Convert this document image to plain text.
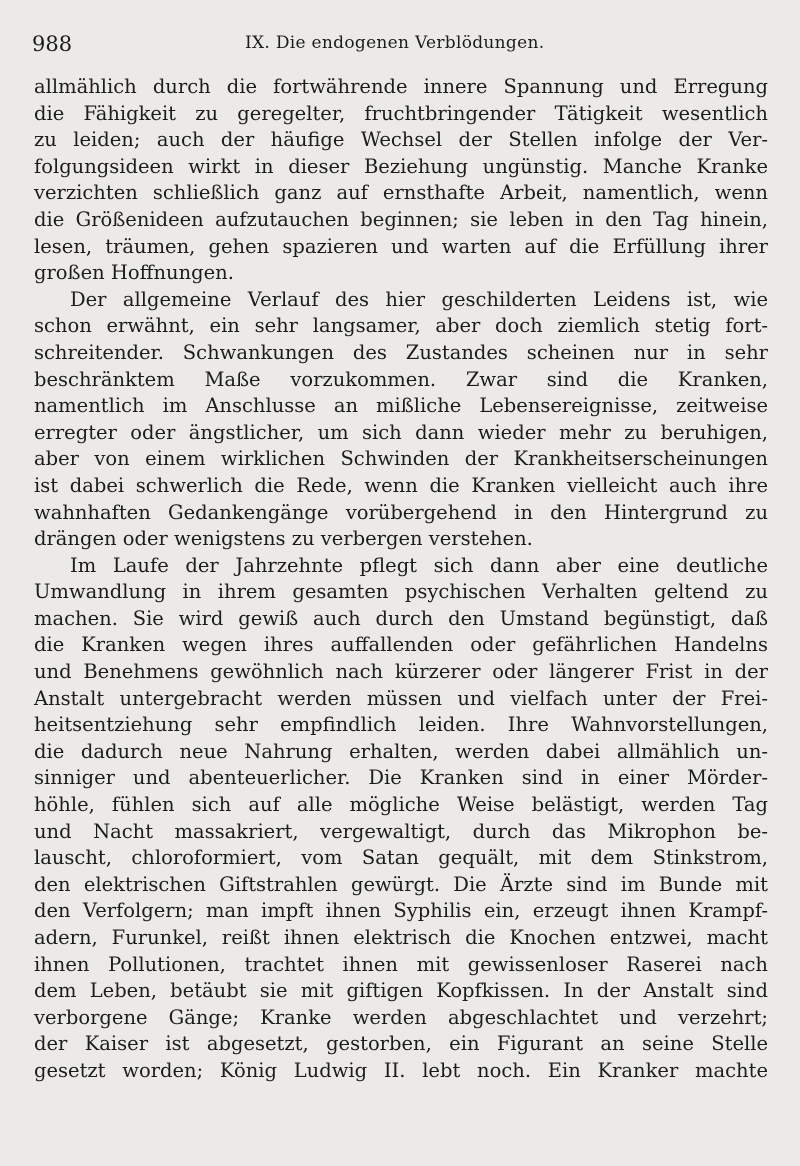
988	IX. Die endogenen Verblödungen.
allmählich durch die fortwährende innere Spannung und Erregung
die Fähigkeit zu geregelter, fruchtbringender Tätigkeit wesentlich
zu leiden; auch der häufige Wechsel der Stellen infolge der Ver-
folgungsideen wirkt in dieser Beziehung ungünstig. Manche Kranke
verzichten schließlich ganz auf ernsthafte Arbeit, namentlich, wenn
die Größenideen aufzutauchen beginnen; sie leben in den Tag hinein,
lesen, träumen, gehen spazieren und warten auf die Erfüllung ihrer
großen Hoffnungen.
Der allgemeine Verlauf des hier geschilderten Leidens ist, wie
schon erwähnt, ein sehr langsamer, aber doch ziemlich stetig fort-
schreitender. Schwankungen des Zustandes scheinen nur in sehr
beschränktem Maße vorzukommen. Zwar sind die Kranken,
namentlich im Anschlusse an mißliche Lebensereignisse, zeitweise
erregter oder ängstlicher, um sich dann wieder mehr zu beruhigen,
aber von einem wirklichen Schwinden der Krankheitserscheinungen
ist dabei schwerlich die Rede, wenn die Kranken vielleicht auch ihre
wahnhaften Gedankengänge vorübergehend in den Hintergrund zu
drängen oder wenigstens zu verbergen verstehen.
Im Laufe der Jahrzehnte pflegt sich dann aber eine deutliche
Umwandlung in ihrem gesamten psychischen Verhalten geltend zu
machen. Sie wird gewiß auch durch den Umstand begünstigt, daß
die Kranken wegen ihres auffallenden oder gefährlichen Handelns
und Benehmens gewöhnlich nach kürzerer oder längerer Frist in der
Anstalt untergebracht werden müssen und vielfach unter der Frei-
heitsentziehung sehr empfindlich leiden. Ihre Wahnvorstellungen,
die dadurch neue Nahrung erhalten, werden dabei allmählich un-
sinniger und abenteuerlicher. Die Kranken sind in einer Mörder-
höhle, fühlen sich auf alle mögliche Weise belästigt, werden Tag
und Nacht massakriert, vergewaltigt, durch das Mikrophon be-
lauscht, chloroformiert, vom Satan gequält, mit dem Stinkstrom,
den elektrischen Giftstrahlen gewürgt. Die Ärzte sind im Bunde mit
den Verfolgern; man impft ihnen Syphilis ein, erzeugt ihnen Krampf-
adern, Furunkel, reißt ihnen elektrisch die Knochen entzwei, macht
ihnen Pollutionen, trachtet ihnen mit gewissenloser Raserei nach
dem Leben, betäubt sie mit giftigen Kopfkissen. In der Anstalt sind
verborgene Gänge; Kranke werden abgeschlachtet und verzehrt;
der Kaiser ist abgesetzt, gestorben, ein Figurant an seine Stelle
gesetzt worden; König Ludwig II. lebt noch. Ein Kranker machte
